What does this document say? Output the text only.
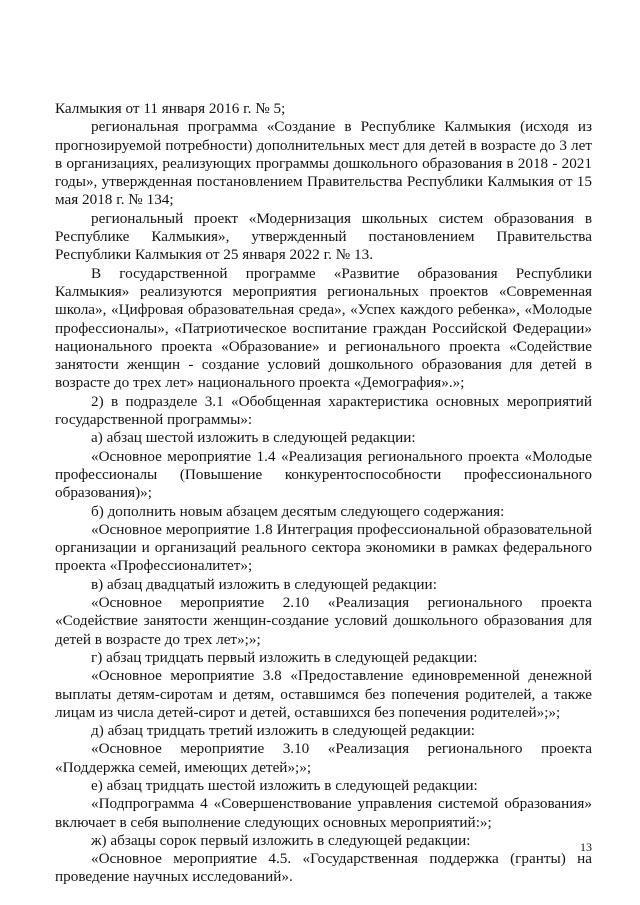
Калмыкия от 11 января 2016 г. № 5;

региональная программа «Создание в Республике Калмыкия (исходя из прогнозируемой потребности) дополнительных мест для детей в возрасте до 3 лет в организациях, реализующих программы дошкольного образования в 2018 - 2021 годы», утвержденная постановлением Правительства Республики Калмыкия от 15 мая 2018 г. № 134;

региональный проект «Модернизация школьных систем образования в Республике Калмыкия», утвержденный постановлением Правительства Республики Калмыкия от 25 января 2022 г. № 13.

В государственной программе «Развитие образования Республики Калмыкия» реализуются мероприятия региональных проектов «Современная школа», «Цифровая образовательная среда», «Успех каждого ребенка», «Молодые профессионалы», «Патриотическое воспитание граждан Российской Федерации» национального проекта «Образование» и регионального проекта «Содействие занятости женщин - создание условий дошкольного образования для детей в возрасте до трех лет» национального проекта «Демография».»;

2) в подразделе 3.1 «Обобщенная характеристика основных мероприятий государственной программы»:

а) абзац шестой изложить в следующей редакции:

«Основное мероприятие 1.4 «Реализация регионального проекта «Молодые профессионалы (Повышение конкурентоспособности профессионального образования)»;

б) дополнить новым абзацем десятым следующего содержания:

«Основное мероприятие 1.8 Интеграция профессиональной образовательной организации и организаций реального сектора экономики в рамках федерального проекта «Профессионалитет»;

в) абзац двадцатый изложить в следующей редакции:

«Основное мероприятие 2.10 «Реализация регионального проекта «Содействие занятости женщин-создание условий дошкольного образования для детей в возрасте до трех лет»;»;

г) абзац тридцать первый изложить в следующей редакции:

«Основное мероприятие 3.8 «Предоставление единовременной денежной выплаты детям-сиротам и детям, оставшимся без попечения родителей, а также лицам из числа детей-сирот и детей, оставшихся без попечения родителей»;»;

д) абзац тридцать третий изложить в следующей редакции:

«Основное мероприятие 3.10 «Реализация регионального проекта «Поддержка семей, имеющих детей»;»;

е) абзац тридцать шестой изложить в следующей редакции:

«Подпрограмма 4 «Совершенствование управления системой образования» включает в себя выполнение следующих основных мероприятий:»;

ж) абзацы сорок первый изложить в следующей редакции:

«Основное мероприятие 4.5. «Государственная поддержка (гранты) на проведение научных исследований».

13
